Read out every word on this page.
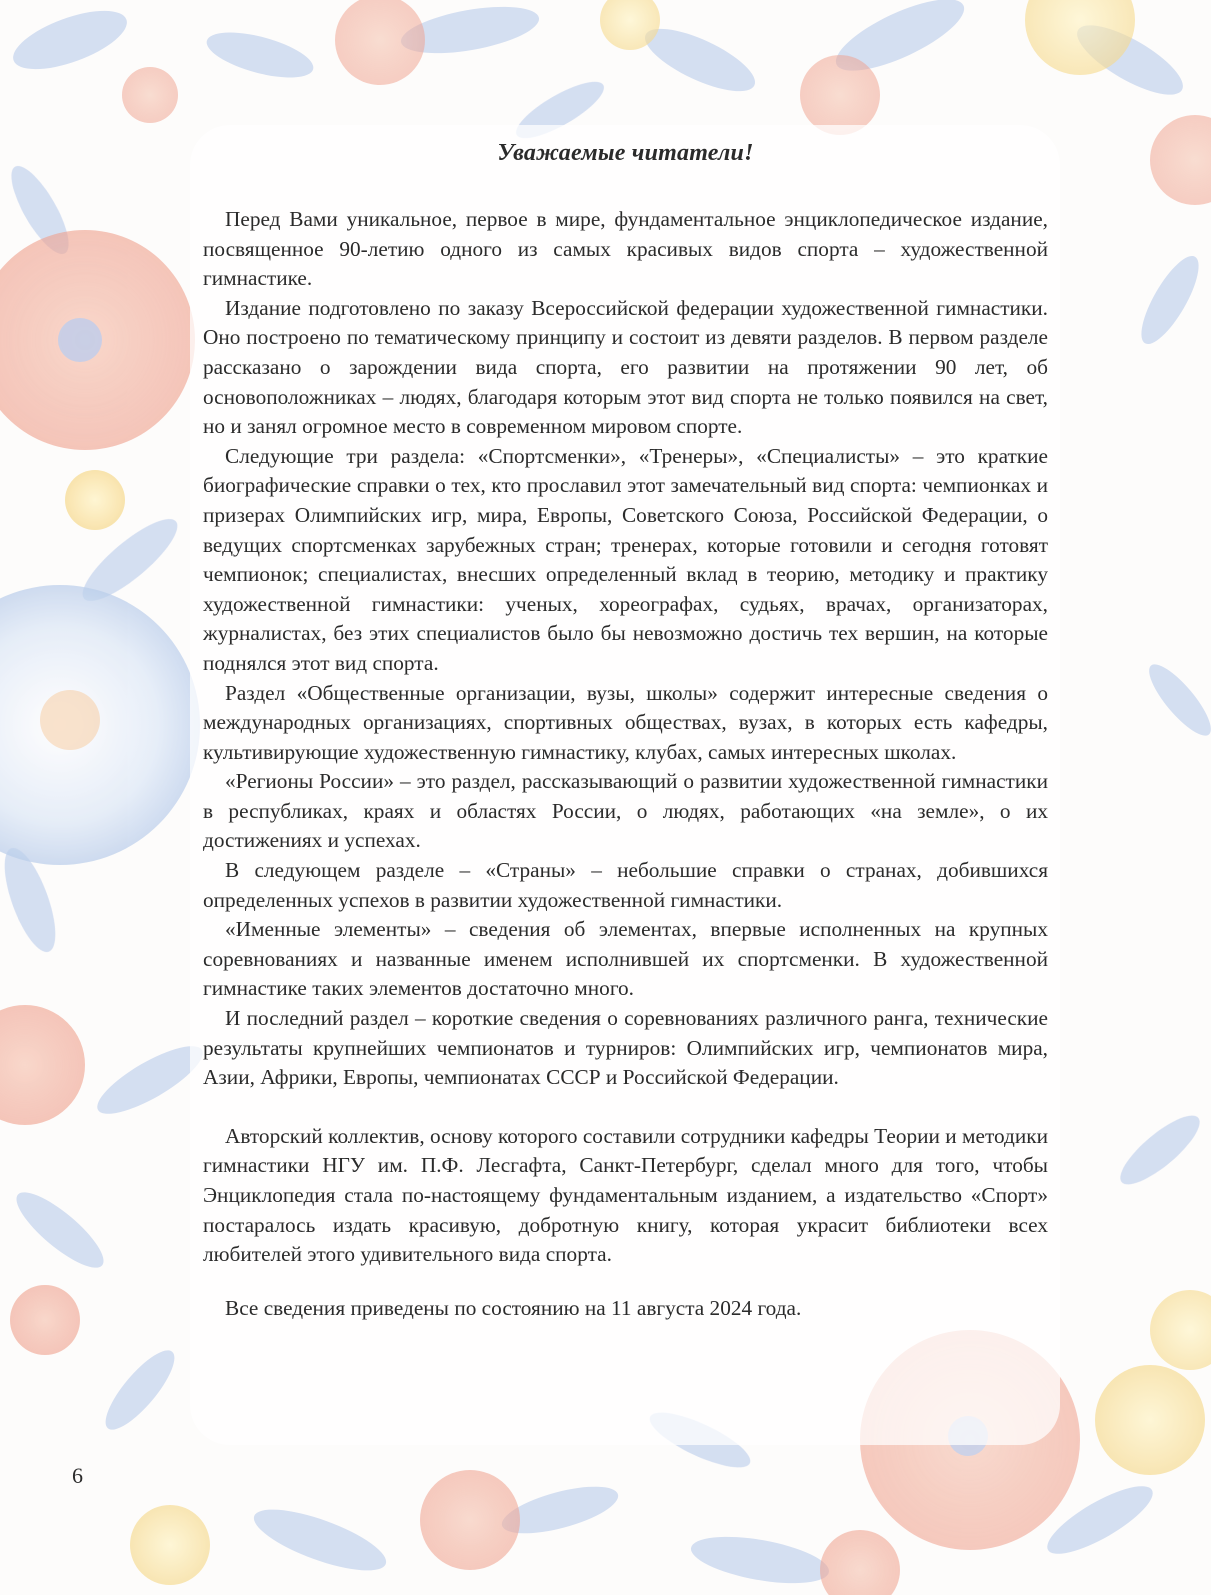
Уважаемые читатели!

Перед Вами уникальное, первое в мире, фундаментальное энциклопедическое издание, посвященное 90-летию одного из самых красивых видов спорта – художественной гимнастике.

Издание подготовлено по заказу Всероссийской федерации художественной гимнастики. Оно построено по тематическому принципу и состоит из девяти разделов. В первом разделе рассказано о зарождении вида спорта, его развитии на протяжении 90 лет, об основоположниках – людях, благодаря которым этот вид спорта не только появился на свет, но и занял огромное место в современном мировом спорте.

Следующие три раздела: «Спортсменки», «Тренеры», «Специалисты» – это краткие биографические справки о тех, кто прославил этот замечательный вид спорта: чемпионках и призерах Олимпийских игр, мира, Европы, Советского Союза, Российской Федерации, о ведущих спортсменках зарубежных стран; тренерах, которые готовили и сегодня готовят чемпионок; специалистах, внесших определенный вклад в теорию, методику и практику художественной гимнастики: ученых, хореографах, судьях, врачах, организаторах, журналистах, без этих специалистов было бы невозможно достичь тех вершин, на которые поднялся этот вид спорта.

Раздел «Общественные организации, вузы, школы» содержит интересные сведения о международных организациях, спортивных обществах, вузах, в которых есть кафедры, культивирующие художественную гимнастику, клубах, самых интересных школах.

«Регионы России» – это раздел, рассказывающий о развитии художественной гимнастики в республиках, краях и областях России, о людях, работающих «на земле», о их достижениях и успехах.

В следующем разделе – «Страны» – небольшие справки о странах, добившихся определенных успехов в развитии художественной гимнастики.

«Именные элементы» – сведения об элементах, впервые исполненных на крупных соревнованиях и названные именем исполнившей их спортсменки. В художественной гимнастике таких элементов достаточно много.

И последний раздел – короткие сведения о соревнованиях различного ранга, технические результаты крупнейших чемпионатов и турниров: Олимпийских игр, чемпионатов мира, Азии, Африки, Европы, чемпионатах СССР и Российской Федерации.

Авторский коллектив, основу которого составили сотрудники кафедры Теории и методики гимнастики НГУ им. П.Ф. Лесгафта, Санкт-Петербург, сделал много для того, чтобы Энциклопедия стала по-настоящему фундаментальным изданием, а издательство «Спорт» постаралось издать красивую, добротную книгу, которая украсит библиотеки всех любителей этого удивительного вида спорта.

Все сведения приведены по состоянию на 11 августа 2024 года.

6
